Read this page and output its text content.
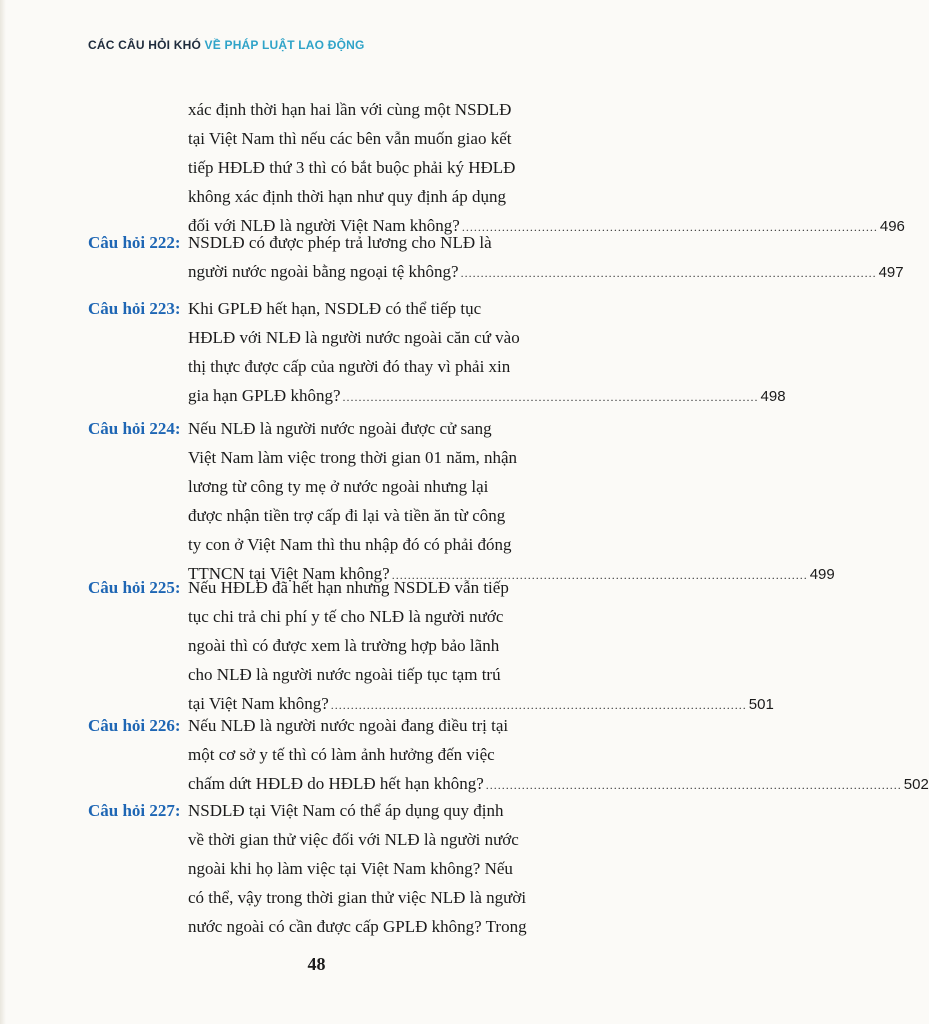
CÁC CÂU HỎI KHÓ VỀ PHÁP LUẬT LAO ĐỘNG
xác định thời hạn hai lần với cùng một NSDLĐ
tại Việt Nam thì nếu các bên vẫn muốn giao kết
tiếp HĐLĐ thứ 3 thì có bắt buộc phải ký HĐLĐ
không xác định thời hạn như quy định áp dụng
đối với NLĐ là người Việt Nam không? ........................................................................................................ 496
Câu hỏi 222: NSDLĐ có được phép trả lương cho NLĐ là
người nước ngoài bằng ngoại tệ không? ........................................................................................................ 497
Câu hỏi 223: Khi GPLĐ hết hạn, NSDLĐ có thể tiếp tục
HĐLĐ với NLĐ là người nước ngoài căn cứ vào
thị thực được cấp của người đó thay vì phải xin
gia hạn GPLĐ không? ........................................................................................................ 498
Câu hỏi 224: Nếu NLĐ là người nước ngoài được cử sang
Việt Nam làm việc trong thời gian 01 năm, nhận
lương từ công ty mẹ ở nước ngoài nhưng lại
được nhận tiền trợ cấp đi lại và tiền ăn từ công
ty con ở Việt Nam thì thu nhập đó có phải đóng
TTNCN tại Việt Nam không? ........................................................................................................ 499
Câu hỏi 225: Nếu HĐLĐ đã hết hạn nhưng NSDLĐ vẫn tiếp
tục chi trả chi phí y tế cho NLĐ là người nước
ngoài thì có được xem là trường hợp bảo lãnh
cho NLĐ là người nước ngoài tiếp tục tạm trú
tại Việt Nam không? ........................................................................................................ 501
Câu hỏi 226: Nếu NLĐ là người nước ngoài đang điều trị tại
một cơ sở y tế thì có làm ảnh hưởng đến việc
chấm dứt HĐLĐ do HĐLĐ hết hạn không? ........................................................................................................ 502
Câu hỏi 227: NSDLĐ tại Việt Nam có thể áp dụng quy định
về thời gian thử việc đối với NLĐ là người nước
ngoài khi họ làm việc tại Việt Nam không? Nếu
có thể, vậy trong thời gian thử việc NLĐ là người
nước ngoài có cần được cấp GPLĐ không? Trong
48
